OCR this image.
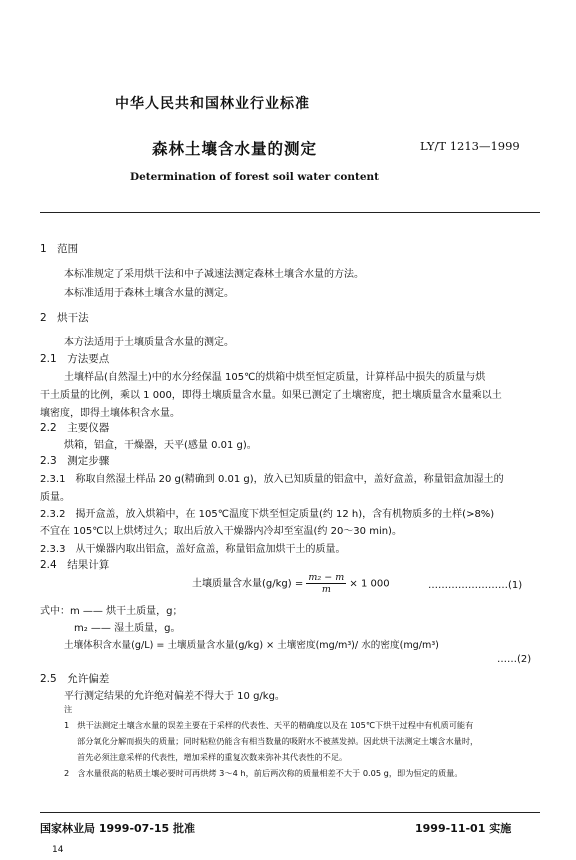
中华人民共和国林业行业标准
森林土壤含水量的测定	LY/T 1213—1999
Determination of forest soil water content
1　范围
本标准规定了采用烘干法和中子减速法测定森林土壤含水量的方法。
本标准适用于森林土壤含水量的测定。
2　烘干法
本方法适用于土壤质量含水量的测定。
2.1　方法要点
土壤样品(自然湿土)中的水分经保温 105℃的烘箱中烘至恒定质量，计算样品中损失的质量与烘
干土质量的比例，乘以 1 000，即得土壤质量含水量。如果已测定了土壤密度，把土壤质量含水量乘以土
壤密度，即得土壤体积含水量。
2.2　主要仪器
烘箱，铝盒，干燥器，天平(感量 0.01 g)。
2.3　测定步骤
2.3.1　称取自然湿土样品 20 g(精确到 0.01 g)，放入已知质量的铝盒中，盖好盒盖，称量铝盒加湿土的
质量。
2.3.2　揭开盒盖，放入烘箱中，在 105℃温度下烘至恒定质量(约 12 h)，含有机物质多的土样(>8%)
不宜在 105℃以上烘烤过久；取出后放入干燥器内冷却至室温(约 20～30 min)。
2.3.3　从干燥器内取出铝盒，盖好盒盖，称量铝盒加烘干土的质量。
2.4　结果计算
土壤质量含水量$(g/kg) = \frac{\text{m₂ − m}}{m} \times 1$ 000	……………………(1)
式中：m —— 烘干土质量，g；
m₂ —— 湿土质量，g。
土壤体积含水量(g/L) = 土壤质量含水量(g/kg) × 土壤密度(mg/m³)/ 水的密度(mg/m³)
……(2)
2.5　允许偏差
平行测定结果的允许绝对偏差不得大于 10 g/kg。
注
1　烘干法测定土壤含水量的误差主要在于采样的代表性、天平的精确度以及在 105℃下烘干过程中有机质可能有
部分氧化分解而损失的质量；同时粘粒仍能含有相当数量的吸附水不被蒸发掉。因此烘干法测定土壤含水量时，
首先必须注意采样的代表性，增加采样的重复次数来弥补其代表性的不足。
2　含水量很高的粘质土壤必要时可再烘烤 3～4 h，前后两次称的质量相差不大于 0.05 g，即为恒定的质量。
国家林业局 1999-07-15 批准	1999-11-01 实施
14
